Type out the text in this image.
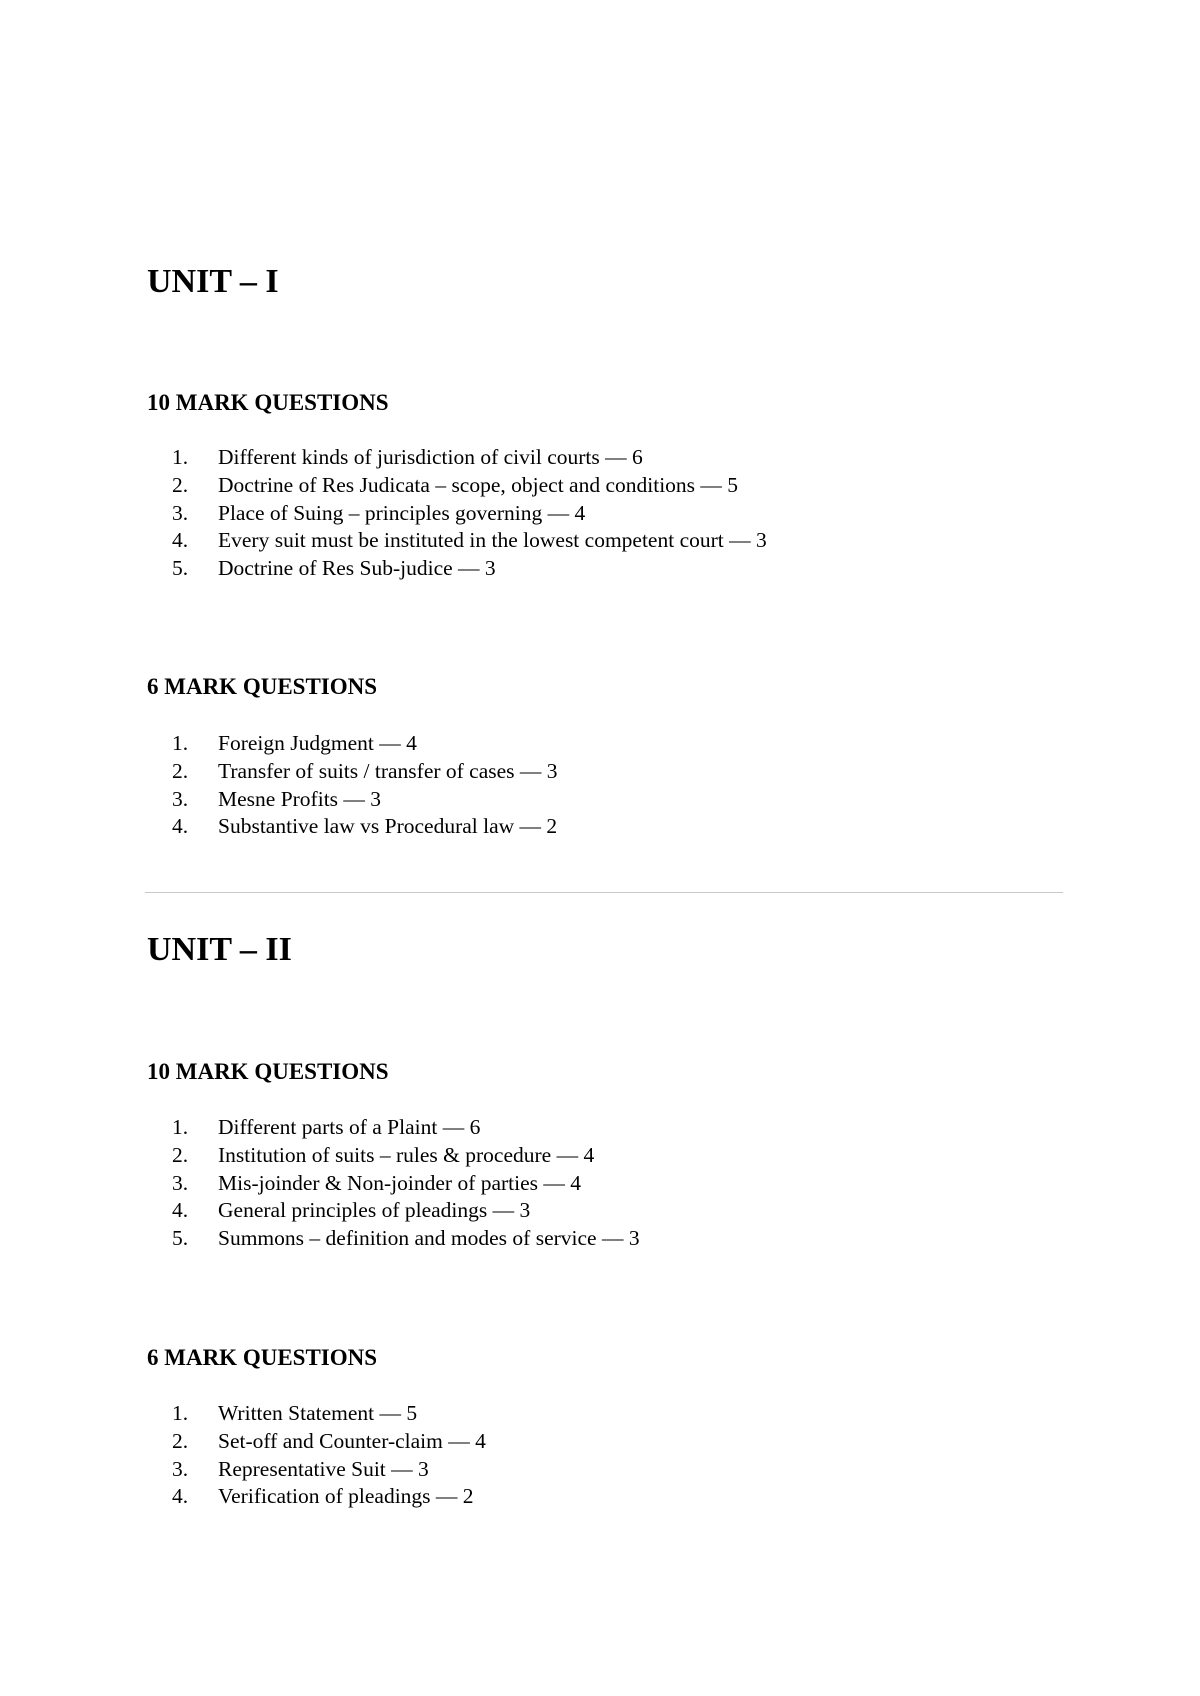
UNIT – I
10 MARK QUESTIONS
1.	Different kinds of jurisdiction of civil courts — 6
2.	Doctrine of Res Judicata – scope, object and conditions — 5
3.	Place of Suing – principles governing — 4
4.	Every suit must be instituted in the lowest competent court — 3
5.	Doctrine of Res Sub-judice — 3
6 MARK QUESTIONS
1.	Foreign Judgment — 4
2.	Transfer of suits / transfer of cases — 3
3.	Mesne Profits — 3
4.	Substantive law vs Procedural law — 2
UNIT – II
10 MARK QUESTIONS
1.	Different parts of a Plaint — 6
2.	Institution of suits – rules & procedure — 4
3.	Mis-joinder & Non-joinder of parties — 4
4.	General principles of pleadings — 3
5.	Summons – definition and modes of service — 3
6 MARK QUESTIONS
1.	Written Statement — 5
2.	Set-off and Counter-claim — 4
3.	Representative Suit — 3
4.	Verification of pleadings — 2
